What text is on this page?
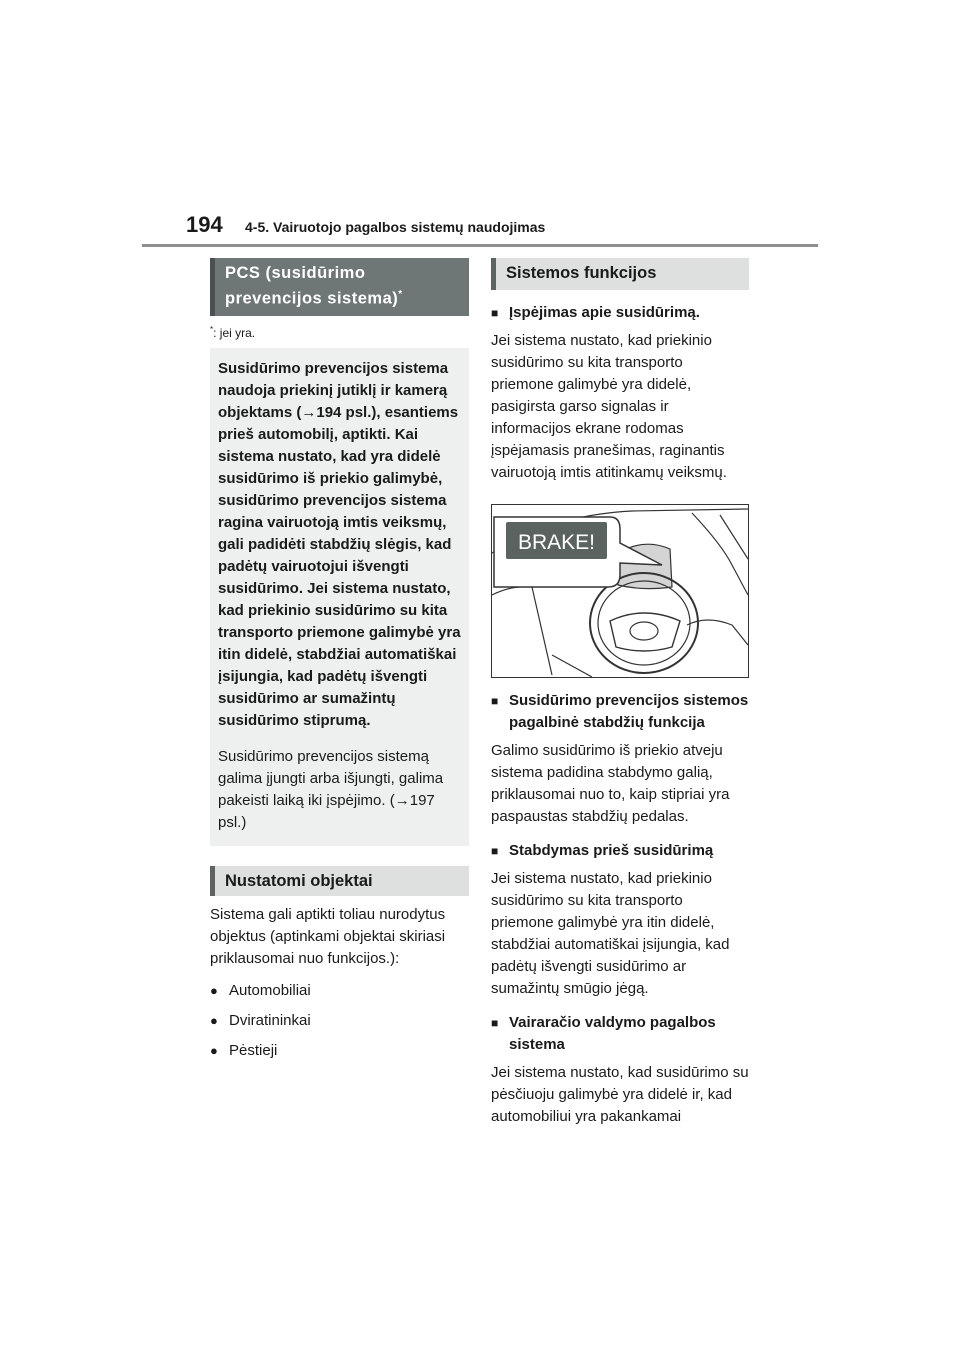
194 4-5. Vairuotojo pagalbos sistemų naudojimas
PCS (susidūrimo
prevencijos sistema)*
*: jei yra.

Susidūrimo prevencijos sistema naudoja priekinį jutiklį ir kamerą objektams (→194 psl.), esantiems prieš automobilį, aptikti. Kai sistema nustato, kad yra didelė susidūrimo iš priekio galimybė, susidūrimo prevencijos sistema ragina vairuotoją imtis veiksmų, gali padidėti stabdžių slėgis, kad padėtų vairuotojui išvengti susidūrimo. Jei sistema nustato, kad priekinio susidūrimo su kita transporto priemone galimybė yra itin didelė, stabdžiai automatiškai įsijungia, kad padėtų išvengti susidūrimo ar sumažintų susidūrimo stiprumą.

Susidūrimo prevencijos sistemą galima įjungti arba išjungti, galima pakeisti laiką iki įspėjimo. (→197 psl.)

Nustatomi objektai

Sistema gali aptikti toliau nurodytus objektus (aptinkami objektai skiriasi priklausomai nuo funkcijos.):

● Automobiliai
● Dviratininkai
● Pėstieji
Sistemos funkcijos
■ Įspėjimas apie susidūrimą.

Jei sistema nustato, kad priekinio susidūrimo su kita transporto priemone galimybė yra didelė, pasigirsta garso signalas ir informacijos ekrane rodomas įspėjamasis pranešimas, raginantis vairuotoją imtis atitinkamų veiksmų.

BRAKE!
■ Susidūrimo prevencijos sistemos pagalbinė stabdžių funkcija

Galimo susidūrimo iš priekio atveju sistema padidina stabdymo galią, priklausomai nuo to, kaip stipriai yra paspaustas stabdžių pedalas.

■ Stabdymas prieš susidūrimą

Jei sistema nustato, kad priekinio susidūrimo su kita transporto priemone galimybė yra itin didelė, stabdžiai automatiškai įsijungia, kad padėtų išvengti susidūrimo ar sumažintų smūgio jėgą.

■ Vairaračio valdymo pagalbos sistema

Jei sistema nustato, kad susidūrimo su pėsčiuoju galimybė yra didelė ir, kad automobiliui yra pakankamai
